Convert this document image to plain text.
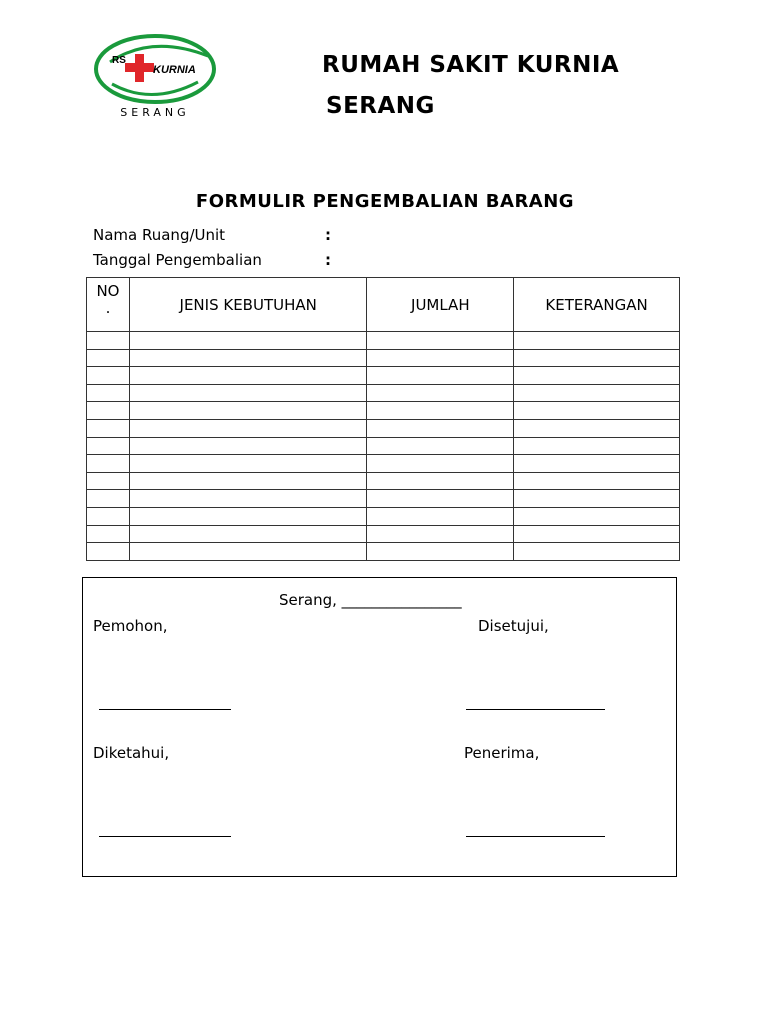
RS
KURNIA
SERANG
RUMAH SAKIT KURNIA
SERANG
FORMULIR PENGEMBALIAN BARANG
Nama Ruang/Unit	:
Tanggal Pengembalian	:
NO .	JENIS KEBUTUHAN	JUMLAH	KETERANGAN

Serang, ________________
Pemohon,	Disetujui,
Diketahui,	Penerima,
